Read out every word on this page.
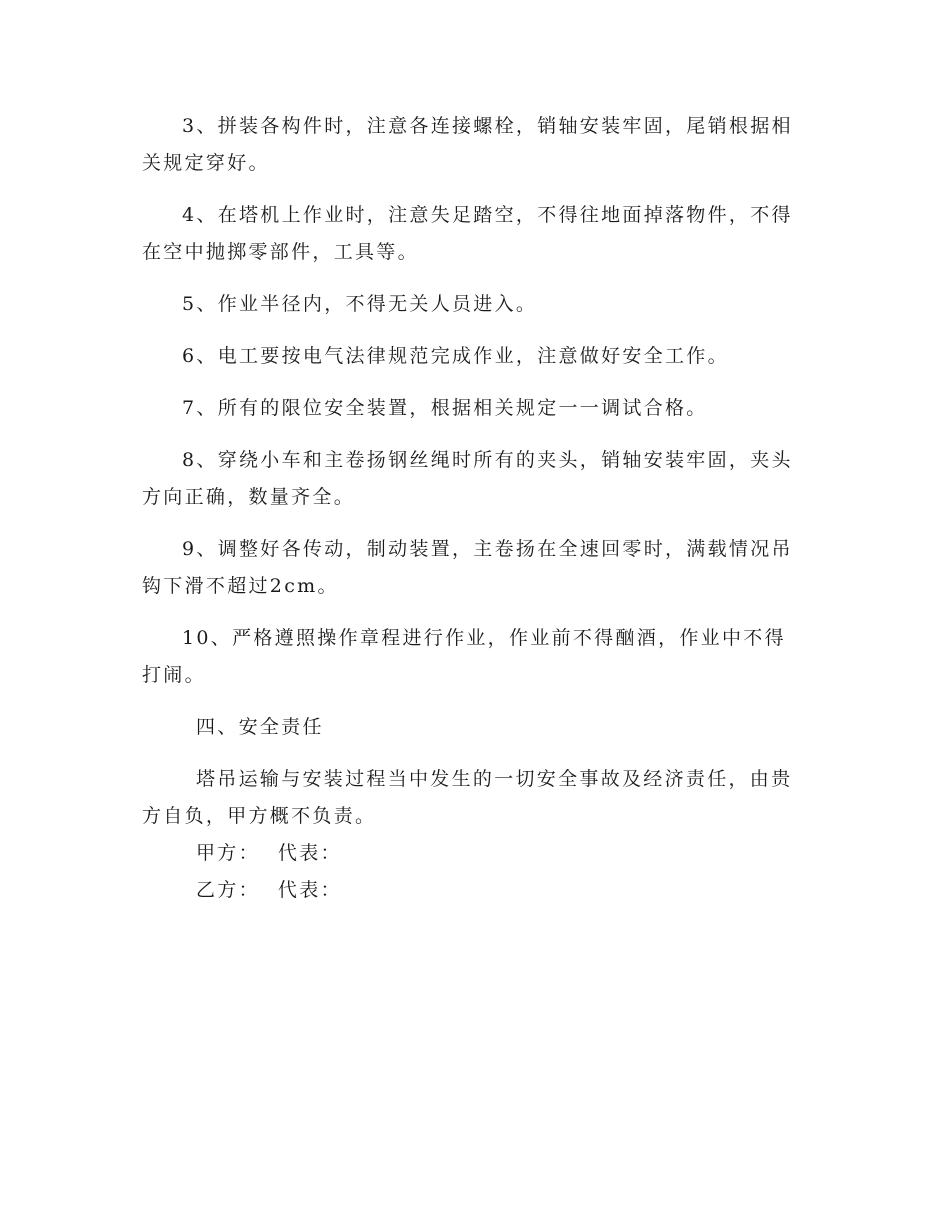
3、拼装各构件时，注意各连接螺栓，销轴安装牢固，尾销根据相关规定穿好。

4、在塔机上作业时，注意失足踏空，不得往地面掉落物件，不得在空中抛掷零部件，工具等。

5、作业半径内，不得无关人员进入。

6、电工要按电气法律规范完成作业，注意做好安全工作。

7、所有的限位安全装置，根据相关规定一一调试合格。

8、穿绕小车和主卷扬钢丝绳时所有的夹头，销轴安装牢固，夹头方向正确，数量齐全。

9、调整好各传动，制动装置，主卷扬在全速回零时，满载情况吊钩下滑不超过2cm。

10、严格遵照操作章程进行作业，作业前不得酗酒，作业中不得打闹。

四、安全责任

塔吊运输与安装过程当中发生的一切安全事故及经济责任，由贵方自负，甲方概不负责。

甲方： 代表：

乙方： 代表：
